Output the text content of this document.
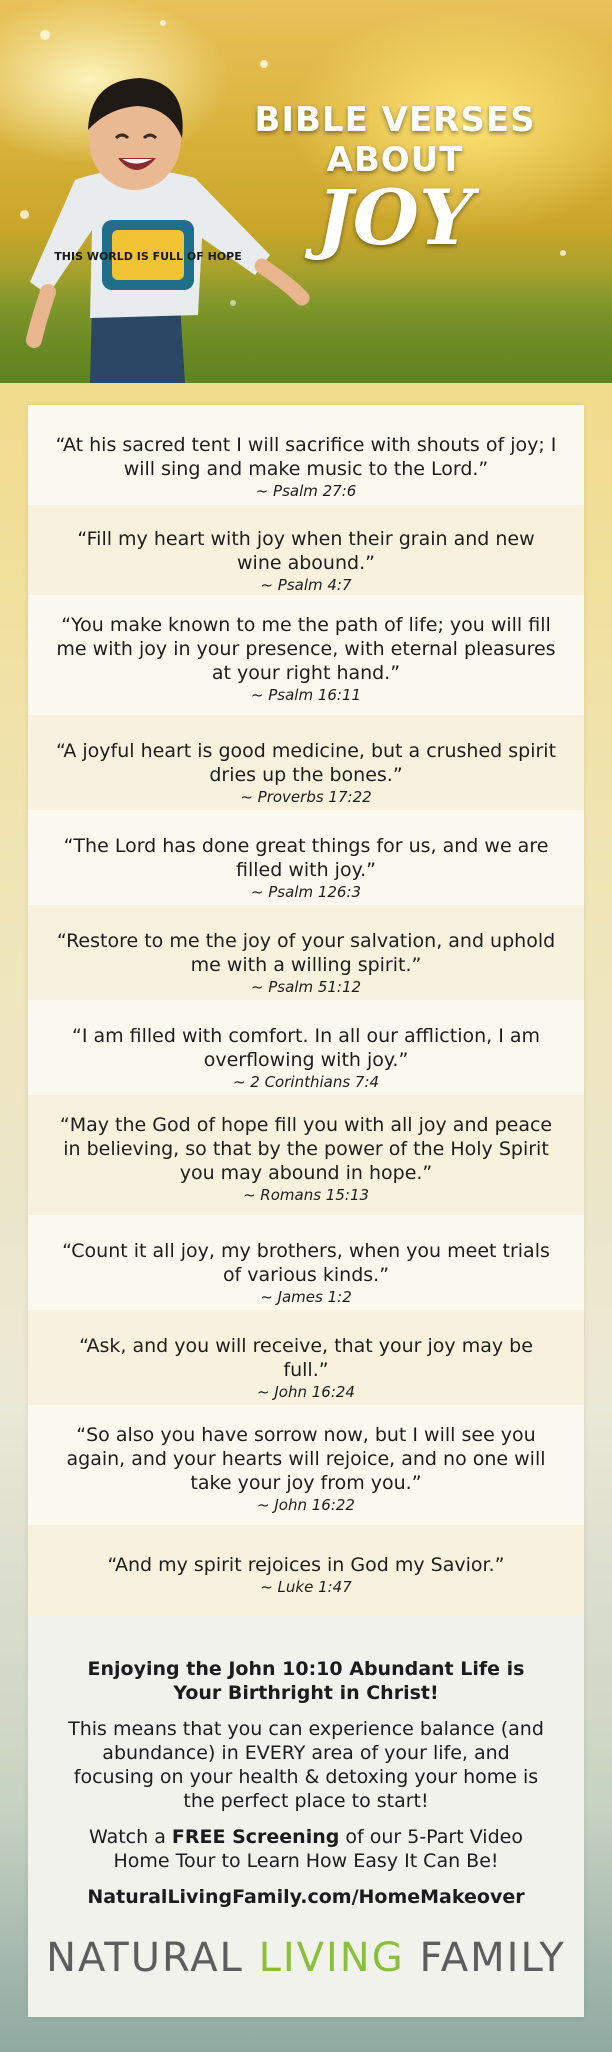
THIS WORLD IS FULL OF HOPE
BIBLE VERSES ABOUT
JOY
“At his sacred tent I will sacrifice with shouts of joy; I will sing and make music to the Lord.”
~ Psalm 27:6
“Fill my heart with joy when their grain and new wine abound.”
~ Psalm 4:7
“You make known to me the path of life; you will fill me with joy in your presence, with eternal pleasures at your right hand.”
~ Psalm 16:11
“A joyful heart is good medicine, but a crushed spirit dries up the bones.”
~ Proverbs 17:22
“The Lord has done great things for us, and we are filled with joy.”
~ Psalm 126:3
“Restore to me the joy of your salvation, and uphold me with a willing spirit.”
~ Psalm 51:12
“I am filled with comfort. In all our affliction, I am overflowing with joy.”
~ 2 Corinthians 7:4
“May the God of hope fill you with all joy and peace in believing, so that by the power of the Holy Spirit you may abound in hope.”
~ Romans 15:13
“Count it all joy, my brothers, when you meet trials of various kinds.”
~ James 1:2
“Ask, and you will receive, that your joy may be full.”
~ John 16:24
“So also you have sorrow now, but I will see you again, and your hearts will rejoice, and no one will take your joy from you.”
~ John 16:22
“And my spirit rejoices in God my Savior.”
~ Luke 1:47
Enjoying the John 10:10 Abundant Life is Your Birthright in Christ!

This means that you can experience balance (and abundance) in EVERY area of your life, and focusing on your health & detoxing your home is the perfect place to start!

Watch a FREE Screening of our 5-Part Video Home Tour to Learn How Easy It Can Be!

NaturalLivingFamily.com/HomeMakeover

NATURAL LIVING FAMILY
